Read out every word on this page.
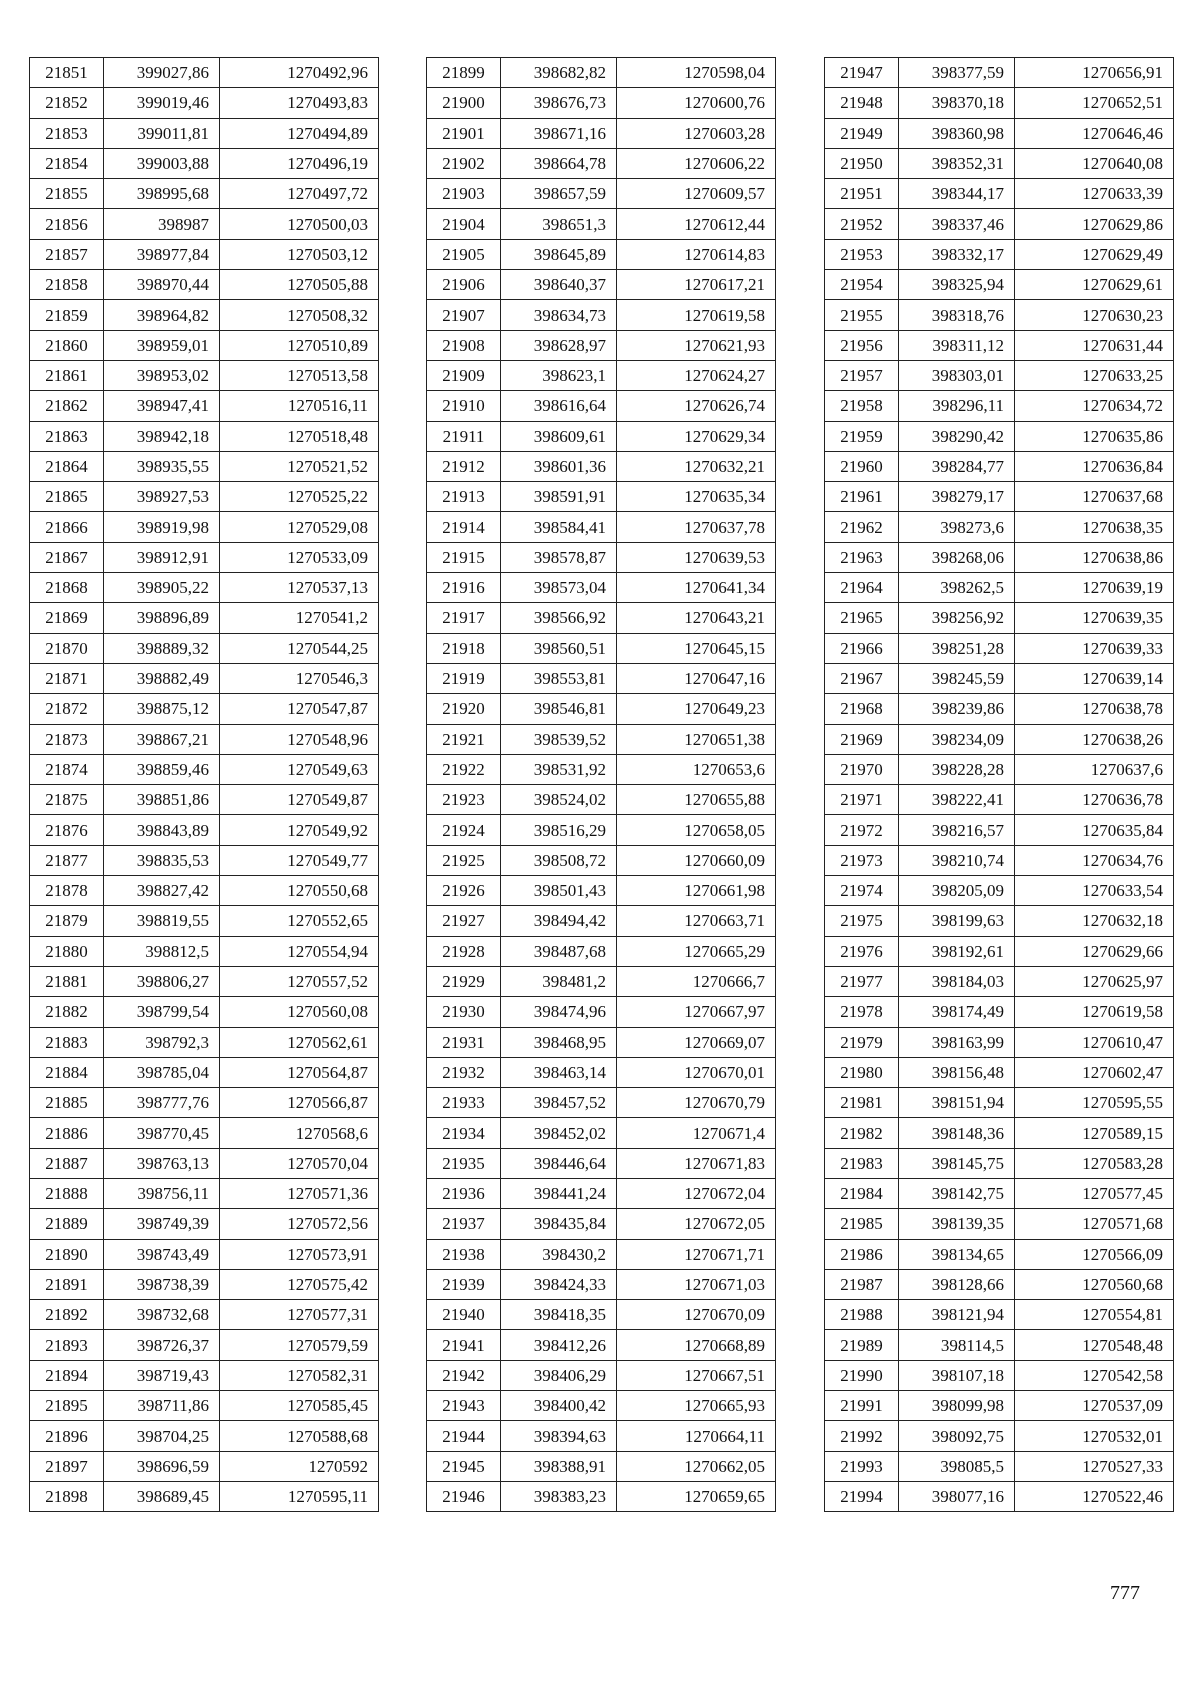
21851	399027,86	1270492,96
21852	399019,46	1270493,83
21853	399011,81	1270494,89
21854	399003,88	1270496,19
21855	398995,68	1270497,72
21856	398987	1270500,03
21857	398977,84	1270503,12
21858	398970,44	1270505,88
21859	398964,82	1270508,32
21860	398959,01	1270510,89
21861	398953,02	1270513,58
21862	398947,41	1270516,11
21863	398942,18	1270518,48
21864	398935,55	1270521,52
21865	398927,53	1270525,22
21866	398919,98	1270529,08
21867	398912,91	1270533,09
21868	398905,22	1270537,13
21869	398896,89	1270541,2
21870	398889,32	1270544,25
21871	398882,49	1270546,3
21872	398875,12	1270547,87
21873	398867,21	1270548,96
21874	398859,46	1270549,63
21875	398851,86	1270549,87
21876	398843,89	1270549,92
21877	398835,53	1270549,77
21878	398827,42	1270550,68
21879	398819,55	1270552,65
21880	398812,5	1270554,94
21881	398806,27	1270557,52
21882	398799,54	1270560,08
21883	398792,3	1270562,61
21884	398785,04	1270564,87
21885	398777,76	1270566,87
21886	398770,45	1270568,6
21887	398763,13	1270570,04
21888	398756,11	1270571,36
21889	398749,39	1270572,56
21890	398743,49	1270573,91
21891	398738,39	1270575,42
21892	398732,68	1270577,31
21893	398726,37	1270579,59
21894	398719,43	1270582,31
21895	398711,86	1270585,45
21896	398704,25	1270588,68
21897	398696,59	1270592
21898	398689,45	1270595,11
21899	398682,82	1270598,04
21900	398676,73	1270600,76
21901	398671,16	1270603,28
21902	398664,78	1270606,22
21903	398657,59	1270609,57
21904	398651,3	1270612,44
21905	398645,89	1270614,83
21906	398640,37	1270617,21
21907	398634,73	1270619,58
21908	398628,97	1270621,93
21909	398623,1	1270624,27
21910	398616,64	1270626,74
21911	398609,61	1270629,34
21912	398601,36	1270632,21
21913	398591,91	1270635,34
21914	398584,41	1270637,78
21915	398578,87	1270639,53
21916	398573,04	1270641,34
21917	398566,92	1270643,21
21918	398560,51	1270645,15
21919	398553,81	1270647,16
21920	398546,81	1270649,23
21921	398539,52	1270651,38
21922	398531,92	1270653,6
21923	398524,02	1270655,88
21924	398516,29	1270658,05
21925	398508,72	1270660,09
21926	398501,43	1270661,98
21927	398494,42	1270663,71
21928	398487,68	1270665,29
21929	398481,2	1270666,7
21930	398474,96	1270667,97
21931	398468,95	1270669,07
21932	398463,14	1270670,01
21933	398457,52	1270670,79
21934	398452,02	1270671,4
21935	398446,64	1270671,83
21936	398441,24	1270672,04
21937	398435,84	1270672,05
21938	398430,2	1270671,71
21939	398424,33	1270671,03
21940	398418,35	1270670,09
21941	398412,26	1270668,89
21942	398406,29	1270667,51
21943	398400,42	1270665,93
21944	398394,63	1270664,11
21945	398388,91	1270662,05
21946	398383,23	1270659,65
21947	398377,59	1270656,91
21948	398370,18	1270652,51
21949	398360,98	1270646,46
21950	398352,31	1270640,08
21951	398344,17	1270633,39
21952	398337,46	1270629,86
21953	398332,17	1270629,49
21954	398325,94	1270629,61
21955	398318,76	1270630,23
21956	398311,12	1270631,44
21957	398303,01	1270633,25
21958	398296,11	1270634,72
21959	398290,42	1270635,86
21960	398284,77	1270636,84
21961	398279,17	1270637,68
21962	398273,6	1270638,35
21963	398268,06	1270638,86
21964	398262,5	1270639,19
21965	398256,92	1270639,35
21966	398251,28	1270639,33
21967	398245,59	1270639,14
21968	398239,86	1270638,78
21969	398234,09	1270638,26
21970	398228,28	1270637,6
21971	398222,41	1270636,78
21972	398216,57	1270635,84
21973	398210,74	1270634,76
21974	398205,09	1270633,54
21975	398199,63	1270632,18
21976	398192,61	1270629,66
21977	398184,03	1270625,97
21978	398174,49	1270619,58
21979	398163,99	1270610,47
21980	398156,48	1270602,47
21981	398151,94	1270595,55
21982	398148,36	1270589,15
21983	398145,75	1270583,28
21984	398142,75	1270577,45
21985	398139,35	1270571,68
21986	398134,65	1270566,09
21987	398128,66	1270560,68
21988	398121,94	1270554,81
21989	398114,5	1270548,48
21990	398107,18	1270542,58
21991	398099,98	1270537,09
21992	398092,75	1270532,01
21993	398085,5	1270527,33
21994	398077,16	1270522,46
777
